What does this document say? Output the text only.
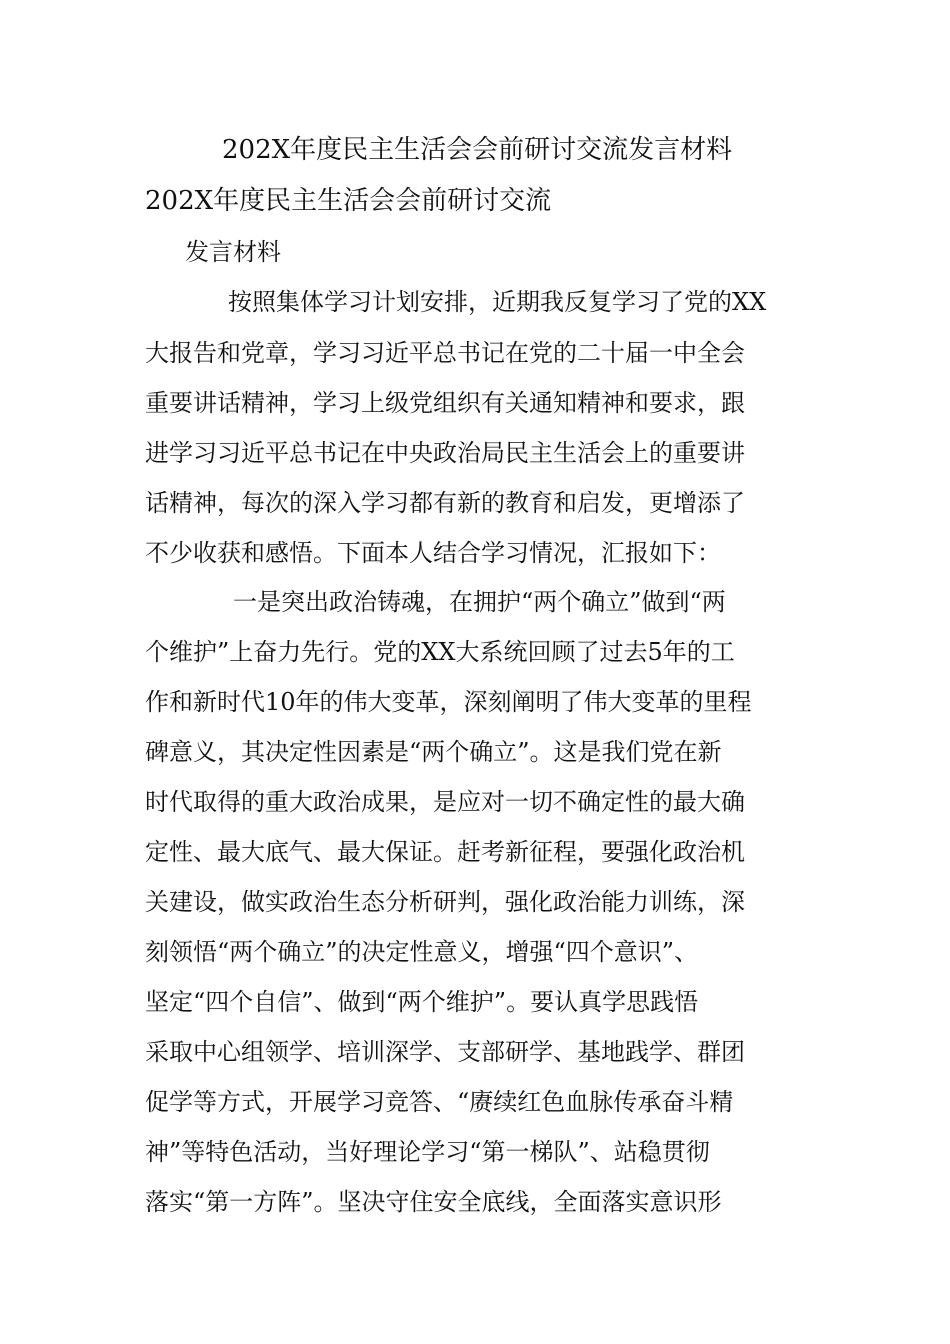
202X年度民主生活会会前研讨交流发言材料
202X年度民主生活会会前研讨交流

发言材料

按照集体学习计划安排，近期我反复学习了党的XX

大报告和党章，学习习近平总书记在党的二十届一中全会

重要讲话精神，学习上级党组织有关通知精神和要求，跟

进学习习近平总书记在中央政治局民主生活会上的重要讲

话精神，每次的深入学习都有新的教育和启发，更增添了

不少收获和感悟。下面本人结合学习情况，汇报如下：

一是突出政治铸魂，在拥护“两个确立”做到“两

个维护”上奋力先行。党的XX大系统回顾了过去5年的工

作和新时代10年的伟大变革，深刻阐明了伟大变革的里程

碑意义，其决定性因素是“两个确立”。这是我们党在新

时代取得的重大政治成果，是应对一切不确定性的最大确

定性、最大底气、最大保证。赶考新征程，要强化政治机

关建设，做实政治生态分析研判，强化政治能力训练，深

刻领悟“两个确立”的决定性意义，增强“四个意识”、

坚定“四个自信”、做到“两个维护”。要认真学思践悟

采取中心组领学、培训深学、支部研学、基地践学、群团

促学等方式，开展学习竞答、“赓续红色血脉传承奋斗精

神”等特色活动，当好理论学习“第一梯队”、站稳贯彻

落实“第一方阵”。坚决守住安全底线，全面落实意识形
